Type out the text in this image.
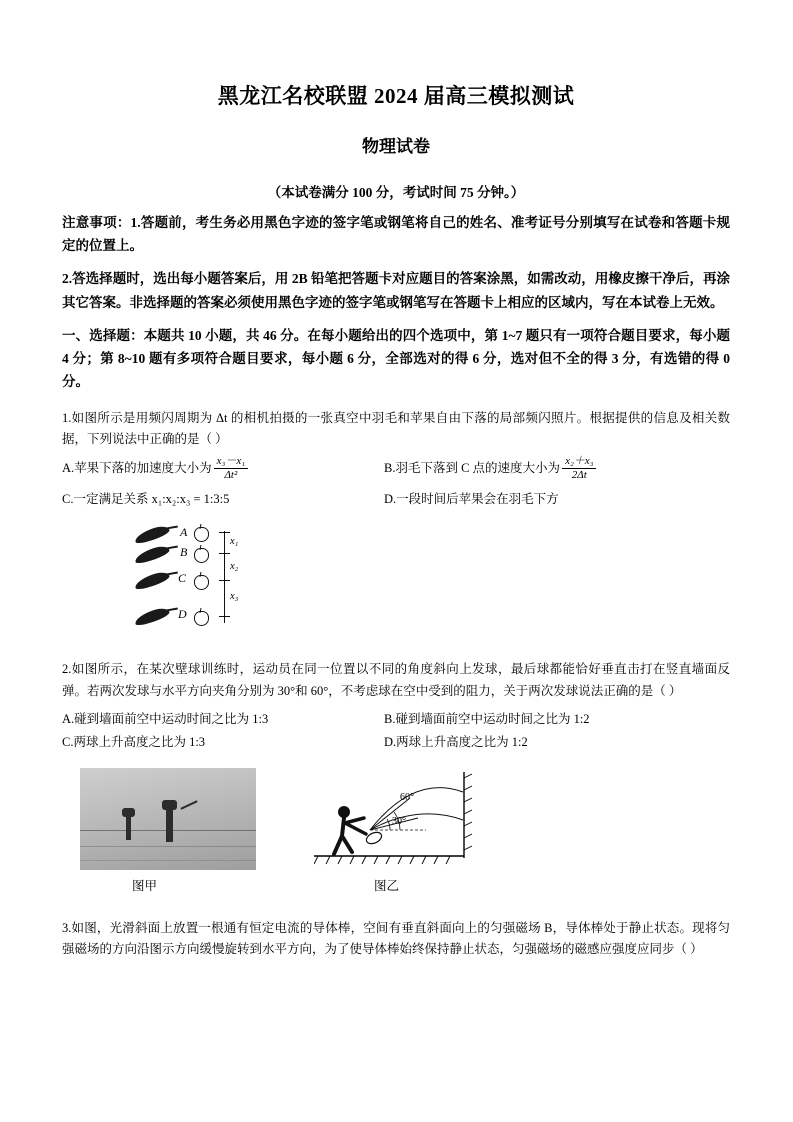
黑龙江名校联盟 2024 届高三模拟测试
物理试卷
（本试卷满分 100 分，考试时间 75 分钟。）
注意事项：1.答题前，考生务必用黑色字迹的签字笔或钢笔将自己的姓名、准考证号分别填写在试卷和答题卡规定的位置上。
2.答选择题时，选出每小题答案后，用 2B 铅笔把答题卡对应题目的答案涂黑，如需改动，用橡皮擦干净后，再涂其它答案。非选择题的答案必须使用黑色字迹的签字笔或钢笔写在答题卡上相应的区域内，写在本试卷上无效。
一、选择题：本题共 10 小题，共 46 分。在每小题给出的四个选项中，第 1~7 题只有一项符合题目要求，每小题 4 分；第 8~10 题有多项符合题目要求，每小题 6 分，全部选对的得 6 分，选对但不全的得 3 分，有选错的得 0 分。
1.如图所示是用频闪周期为 Δt 的相机拍摄的一张真空中羽毛和苹果自由下落的局部频闪照片。根据提供的信息及相关数据，下列说法中正确的是（ ）
A.苹果下落的加速度大小为 $\frac{\text{x₃－x₁}}{\text{Δt²}}$	B.羽毛下落到 C 点的速度大小为 $\frac{\text{x₂＋x₃}}{2\Delta t}$
C.一定满足关系 x₁:x₂:x₃ = 1:3:5	D.一段时间后苹果会在羽毛下方
A
B
C
D
x₁
x₂
x₃
2.如图所示，在某次壁球训练时，运动员在同一位置以不同的角度斜向上发球，最后球都能恰好垂直击打在竖直墙面反弹。若两次发球与水平方向夹角分别为 30°和 60°，不考虑球在空中受到的阻力，关于两次发球说法正确的是（ ）
A.碰到墙面前空中运动时间之比为 1:3	B.碰到墙面前空中运动时间之比为 1:2
C.两球上升高度之比为 1:3	D.两球上升高度之比为 1:2
图甲
60°
30°
图乙
3.如图，光滑斜面上放置一根通有恒定电流的导体棒，空间有垂直斜面向上的匀强磁场 B，导体棒处于静止状态。现将匀强磁场的方向沿图示方向缓慢旋转到水平方向，为了使导体棒始终保持静止状态，匀强磁场的磁感应强度应同步（ ）
